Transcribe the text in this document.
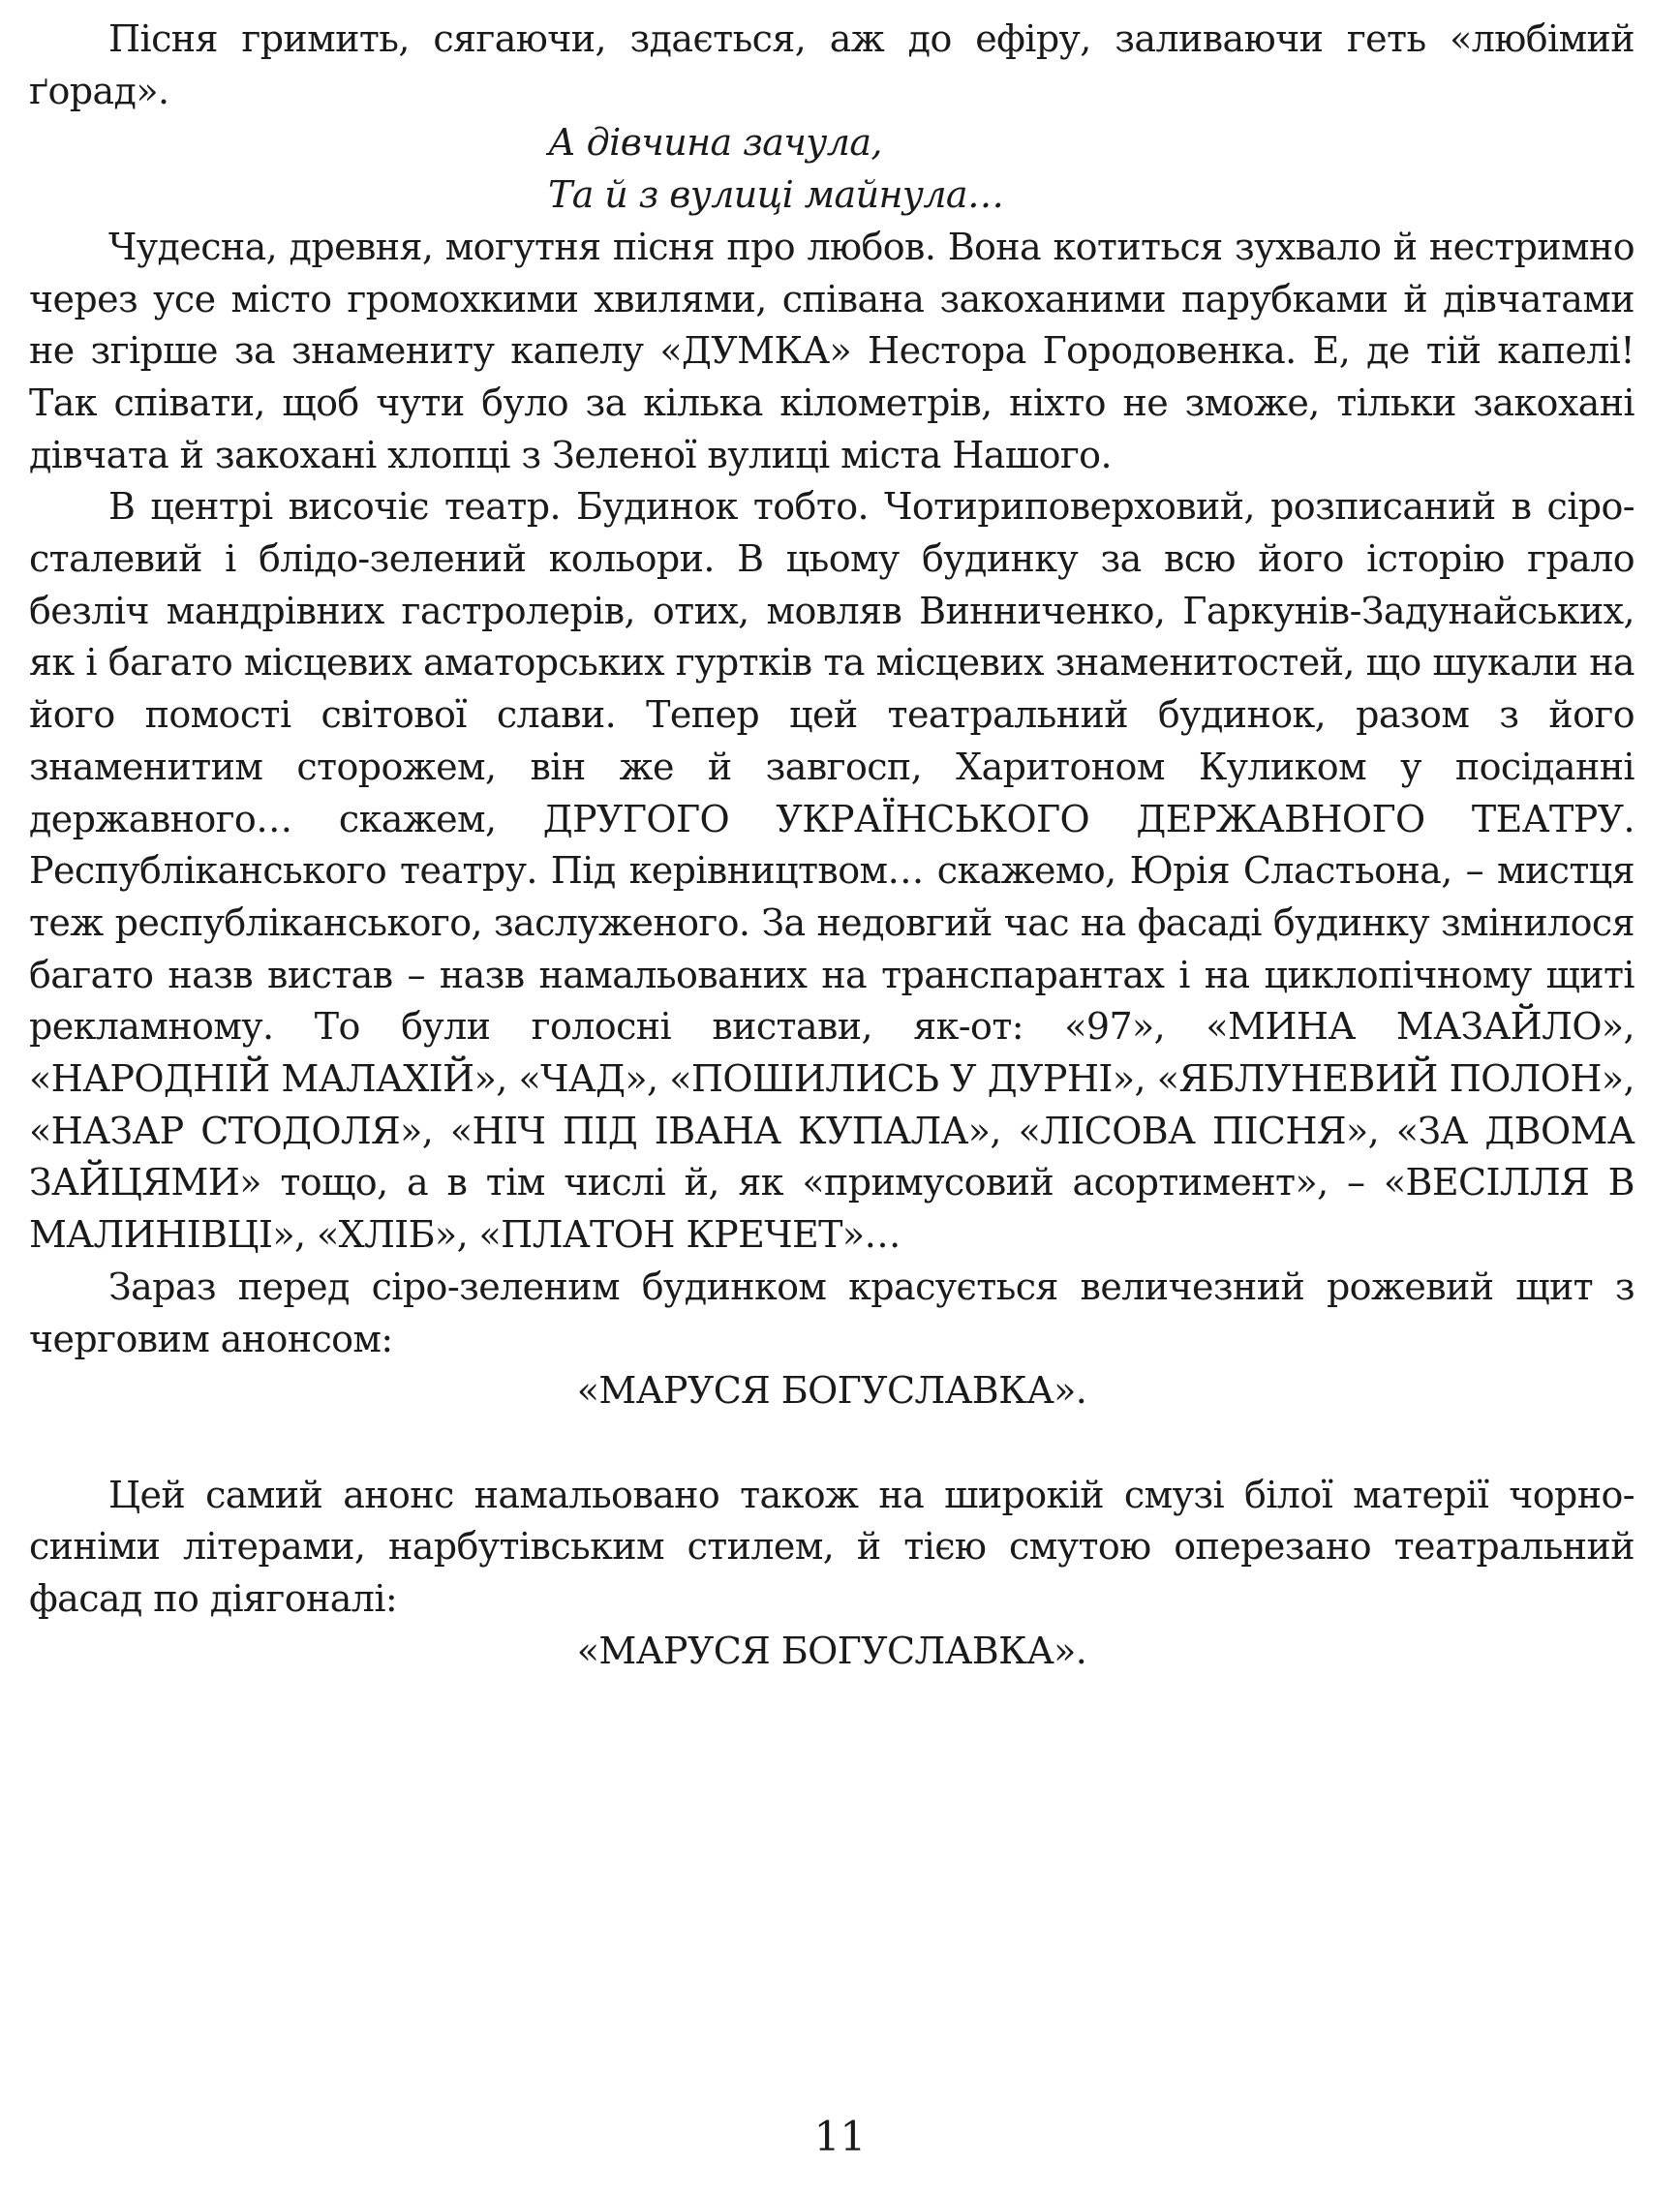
Пісня гримить, сягаючи, здається, аж до ефіру, заливаючи геть «любімий ґорад».

А дівчина зачула,
Та й з вулиці майнула…

Чудесна, древня, могутня пісня про любов. Вона котиться зухвало й нестримно через усе місто громохкими хвилями, співана закоханими парубками й дівчатами не згірше за знамениту капелу «ДУМКА» Нестора Городовенка. Е, де тій капелі! Так співати, щоб чути було за кілька кілометрів, ніхто не зможе, тільки закохані дівчата й закохані хлопці з Зеленої вулиці міста Нашого.

В центрі височіє театр. Будинок тобто. Чотириповерховий, розписаний в сіро-сталевий і блідо-зелений кольори. В цьому будинку за всю його історію грало безліч мандрівних гастролерів, отих, мовляв Винниченко, Гаркунів-Задунайських, як і багато місцевих аматорських гуртків та місцевих знаменитостей, що шукали на його помості світової слави. Тепер цей театральний будинок, разом з його знаменитим сторожем, він же й завгосп, Харитоном Куликом у посіданні державного… скажем, ДРУГОГО УКРАЇНСЬКОГО ДЕРЖАВНОГО ТЕАТРУ. Республіканського театру. Під керівництвом… скажемо, Юрія Сластьона, – мистця теж республіканського, заслуженого. За недовгий час на фасаді будинку змінилося багато назв вистав – назв намальованих на транспарантах і на циклопічному щиті рекламному. То були голосні вистави, як-от: «97», «МИНА МАЗАЙЛО», «НАРОДНІЙ МАЛАХІЙ», «ЧАД», «ПОШИЛИСЬ У ДУРНІ», «ЯБЛУНЕВИЙ ПОЛОН», «НАЗАР СТОДОЛЯ», «НІЧ ПІД ІВАНА КУПАЛА», «ЛІСОВА ПІСНЯ», «ЗА ДВОМА ЗАЙЦЯМИ» тощо, а в тім числі й, як «примусовий асортимент», – «ВЕСІЛЛЯ В МАЛИНІВЦІ», «ХЛІБ», «ПЛАТОН КРЕЧЕТ»…

Зараз перед сіро-зеленим будинком красується величезний рожевий щит з черговим анонсом:

«МАРУСЯ БОГУСЛАВКА».

Цей самий анонс намальовано також на широкій смузі білої матерії чорно-синіми літерами, нарбутівським стилем, й тією смутою оперезано театральний фасад по діягоналі:

«МАРУСЯ БОГУСЛАВКА».

11
